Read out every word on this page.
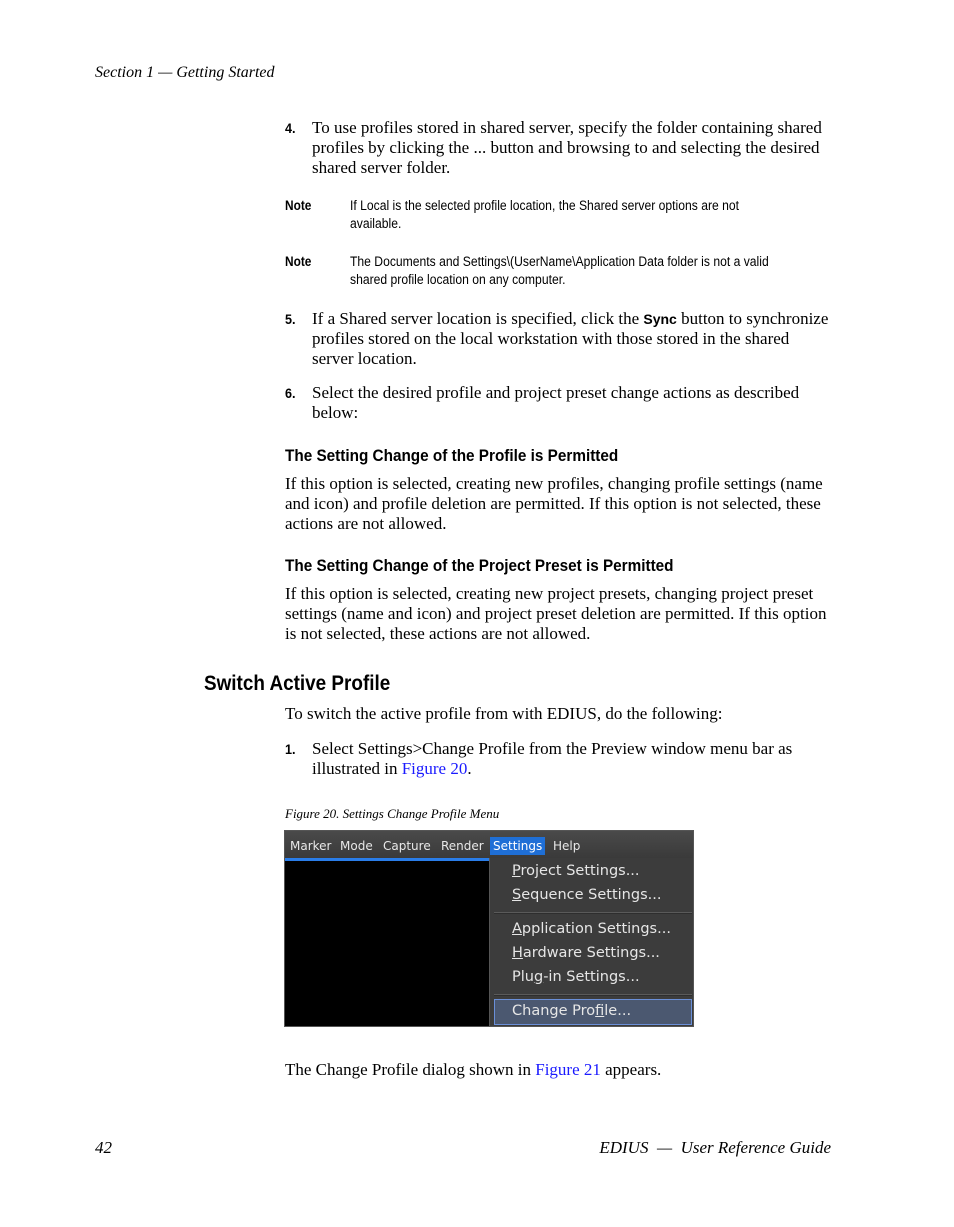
Section 1 — Getting Started
4. To use profiles stored in shared server, specify the folder containing shared profiles by clicking the ... button and browsing to and selecting the desired shared server folder.
Note	If Local is the selected profile location, the Shared server options are not available.
Note	The Documents and Settings\(UserName\Application Data folder is not a valid shared profile location on any computer.
5. If a Shared server location is specified, click the Sync button to synchronize profiles stored on the local workstation with those stored in the shared server location.
6. Select the desired profile and project preset change actions as described below:
The Setting Change of the Profile is Permitted
If this option is selected, creating new profiles, changing profile settings (name and icon) and profile deletion are permitted. If this option is not selected, these actions are not allowed.
The Setting Change of the Project Preset is Permitted
If this option is selected, creating new project presets, changing project preset settings (name and icon) and project preset deletion are permitted. If this option is not selected, these actions are not allowed.
Switch Active Profile
To switch the active profile from with EDIUS, do the following:
1. Select Settings>Change Profile from the Preview window menu bar as illustrated in Figure 20.
Figure 20. Settings Change Profile Menu
Marker Mode Capture Render Settings Help
Project Settings...
Sequence Settings...
Application Settings...
Hardware Settings...
Plug-in Settings...
Change Profile...
The Change Profile dialog shown in Figure 21 appears.
42	EDIUS  —  User Reference Guide
